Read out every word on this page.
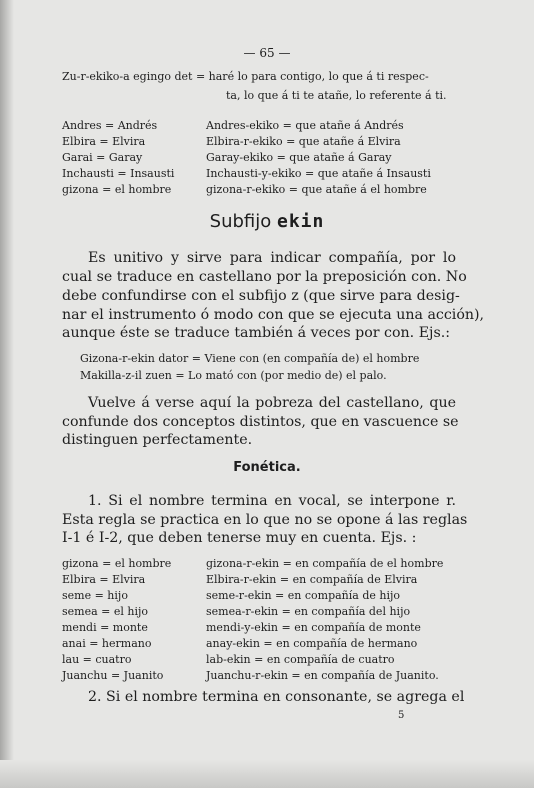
— 65 —
Zu-r-ekiko-a egingo det = haré lo para contigo, lo que á ti respec-
ta, lo que á ti te atañe, lo referente á ti.
Andres = Andrés	Andres-ekiko = que atañe á Andrés
Elbira = Elvira	Elbira-r-ekiko = que atañe á Elvira
Garai = Garay	Garay-ekiko = que atañe á Garay
Inchausti = Insausti	Inchausti-y-ekiko = que atañe á Insausti
gizona = el hombre	gizona-r-ekiko = que atañe á el hombre
Subfijo ekin
Es unitivo y sirve para indicar compañía, por lo
cual se traduce en castellano por la preposición con. No
debe confundirse con el subfijo z (que sirve para desig-
nar el instrumento ó modo con que se ejecuta una acción),
aunque éste se traduce también á veces por con. Ejs.:
Gizona-r-ekin dator = Viene con (en compañía de) el hombre
Makilla-z-il zuen = Lo mató con (por medio de) el palo.
Vuelve á verse aquí la pobreza del castellano, que
confunde dos conceptos distintos, que en vascuence se
distinguen perfectamente.
Fonética.
1. Si el nombre termina en vocal, se interpone r.
Esta regla se practica en lo que no se opone á las reglas
I-1 é I-2, que deben tenerse muy en cuenta. Ejs. :
gizona = el hombre	gizona-r-ekin = en compañía de el hombre
Elbira = Elvira	Elbira-r-ekin = en compañía de Elvira
seme = hijo	seme-r-ekin = en compañía de hijo
semea = el hijo	semea-r-ekin = en compañía del hijo
mendi = monte	mendi-y-ekin = en compañía de monte
anai = hermano	anay-ekin = en compañía de hermano
lau = cuatro	lab-ekin = en compañía de cuatro
Juanchu = Juanito	Juanchu-r-ekin = en compañía de Juanito.
2. Si el nombre termina en consonante, se agrega el
5
